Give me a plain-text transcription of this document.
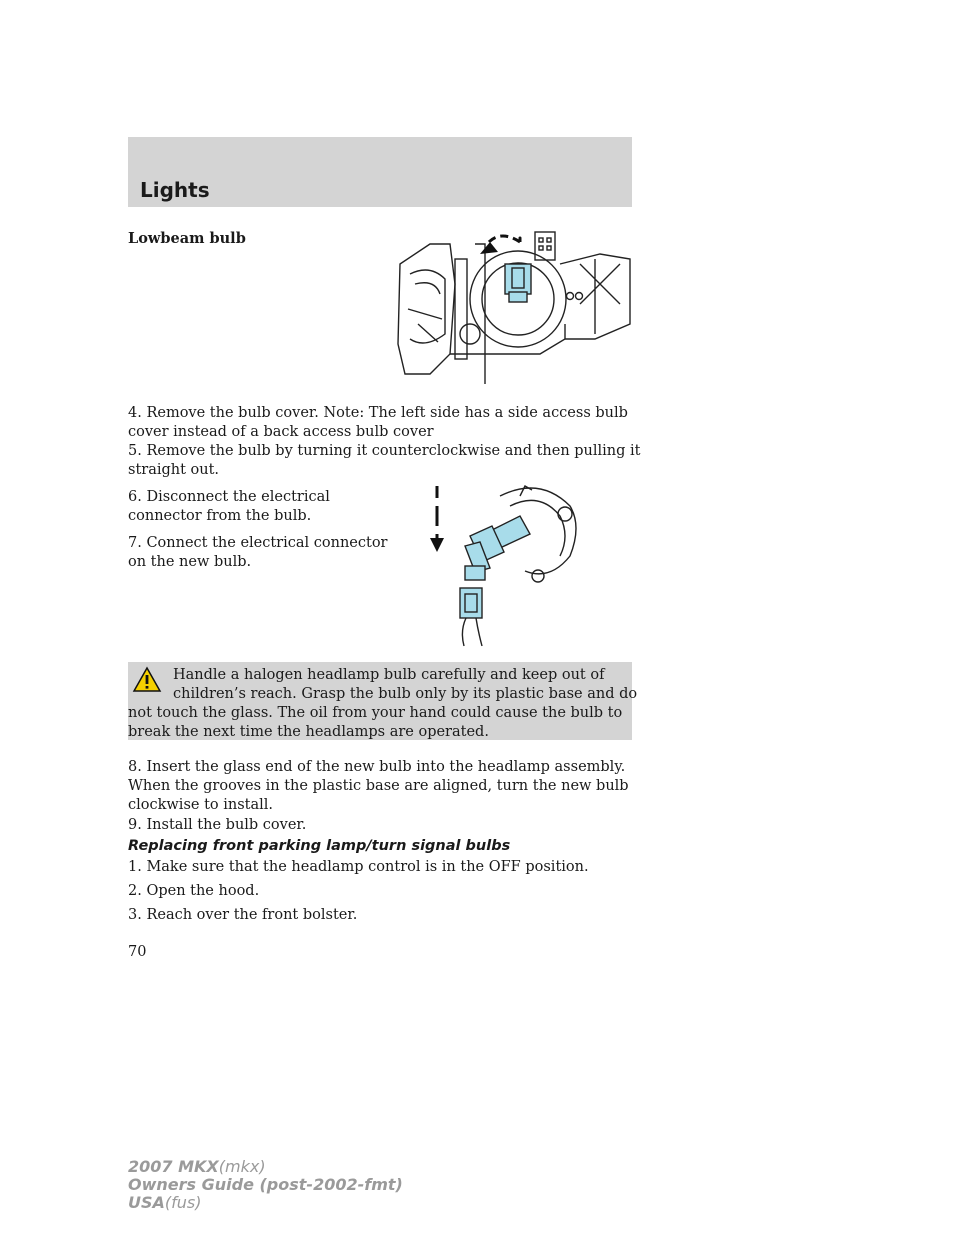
Lights

Lowbeam bulb

4. Remove the bulb cover. Note: The left side has a side access bulb

cover instead of a back access bulb cover

5. Remove the bulb by turning it counterclockwise and then pulling it

straight out.

6. Disconnect the electrical

connector from the bulb.

7. Connect the electrical connector

on the new bulb.

Handle a halogen headlamp bulb carefully and keep out of

children’s reach. Grasp the bulb only by its plastic base and do

not touch the glass. The oil from your hand could cause the bulb to

break the next time the headlamps are operated.

8. Insert the glass end of the new bulb into the headlamp assembly.

When the grooves in the plastic base are aligned, turn the new bulb

clockwise to install.

9. Install the bulb cover.

Replacing front parking lamp/turn signal bulbs

1. Make sure that the headlamp control is in the OFF position.

2. Open the hood.

3. Reach over the front bolster.

70
2007 MKX(mkx)
Owners Guide (post-2002-fmt)
USA(fus)
